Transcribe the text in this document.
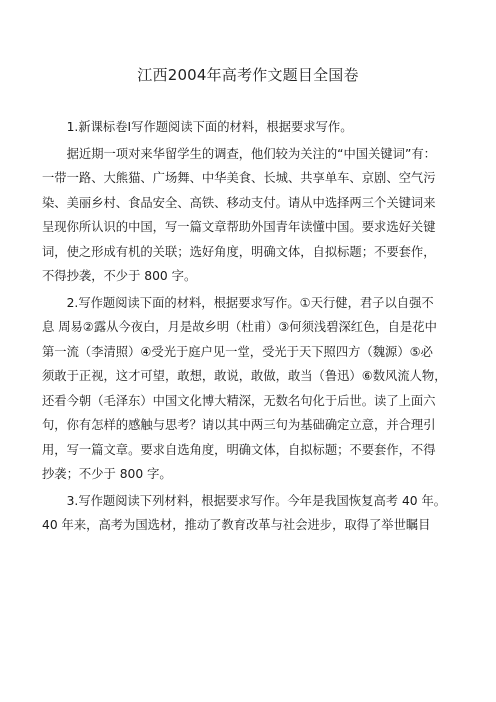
江西2004年高考作文题目全国卷
　　1.新课标卷Ⅰ写作题阅读下面的材料，根据要求写作。
　　据近期一项对来华留学生的调查，他们较为关注的“中国关键词”有：
一带一路、大熊猫、广场舞、中华美食、长城、共享单车、京剧、空气污
染、美丽乡村、食品安全、高铁、移动支付。请从中选择两三个关键词来
呈现你所认识的中国，写一篇文章帮助外国青年读懂中国。要求选好关键
词，使之形成有机的关联；选好角度，明确文体，自拟标题；不要套作，
不得抄袭，不少于 800 字。
　　2.写作题阅读下面的材料，根据要求写作。①天行健，君子以自强不
息 周易②露从今夜白，月是故乡明（杜甫）③何须浅碧深红色，自是花中
第一流（李清照）④受光于庭户见一堂，受光于天下照四方（魏源）⑤必
须敢于正视，这才可望，敢想，敢说，敢做，敢当（鲁迅）⑥数风流人物，
还看今朝（毛泽东）中国文化博大精深，无数名句化于后世。读了上面六
句，你有怎样的感触与思考？请以其中两三句为基础确定立意，并合理引
用，写一篇文章。要求自选角度，明确文体，自拟标题；不要套作，不得
抄袭；不少于 800 字。
　　3.写作题阅读下列材料，根据要求写作。今年是我国恢复高考 40 年。
40 年来，高考为国选材，推动了教育改革与社会进步，取得了举世瞩目
